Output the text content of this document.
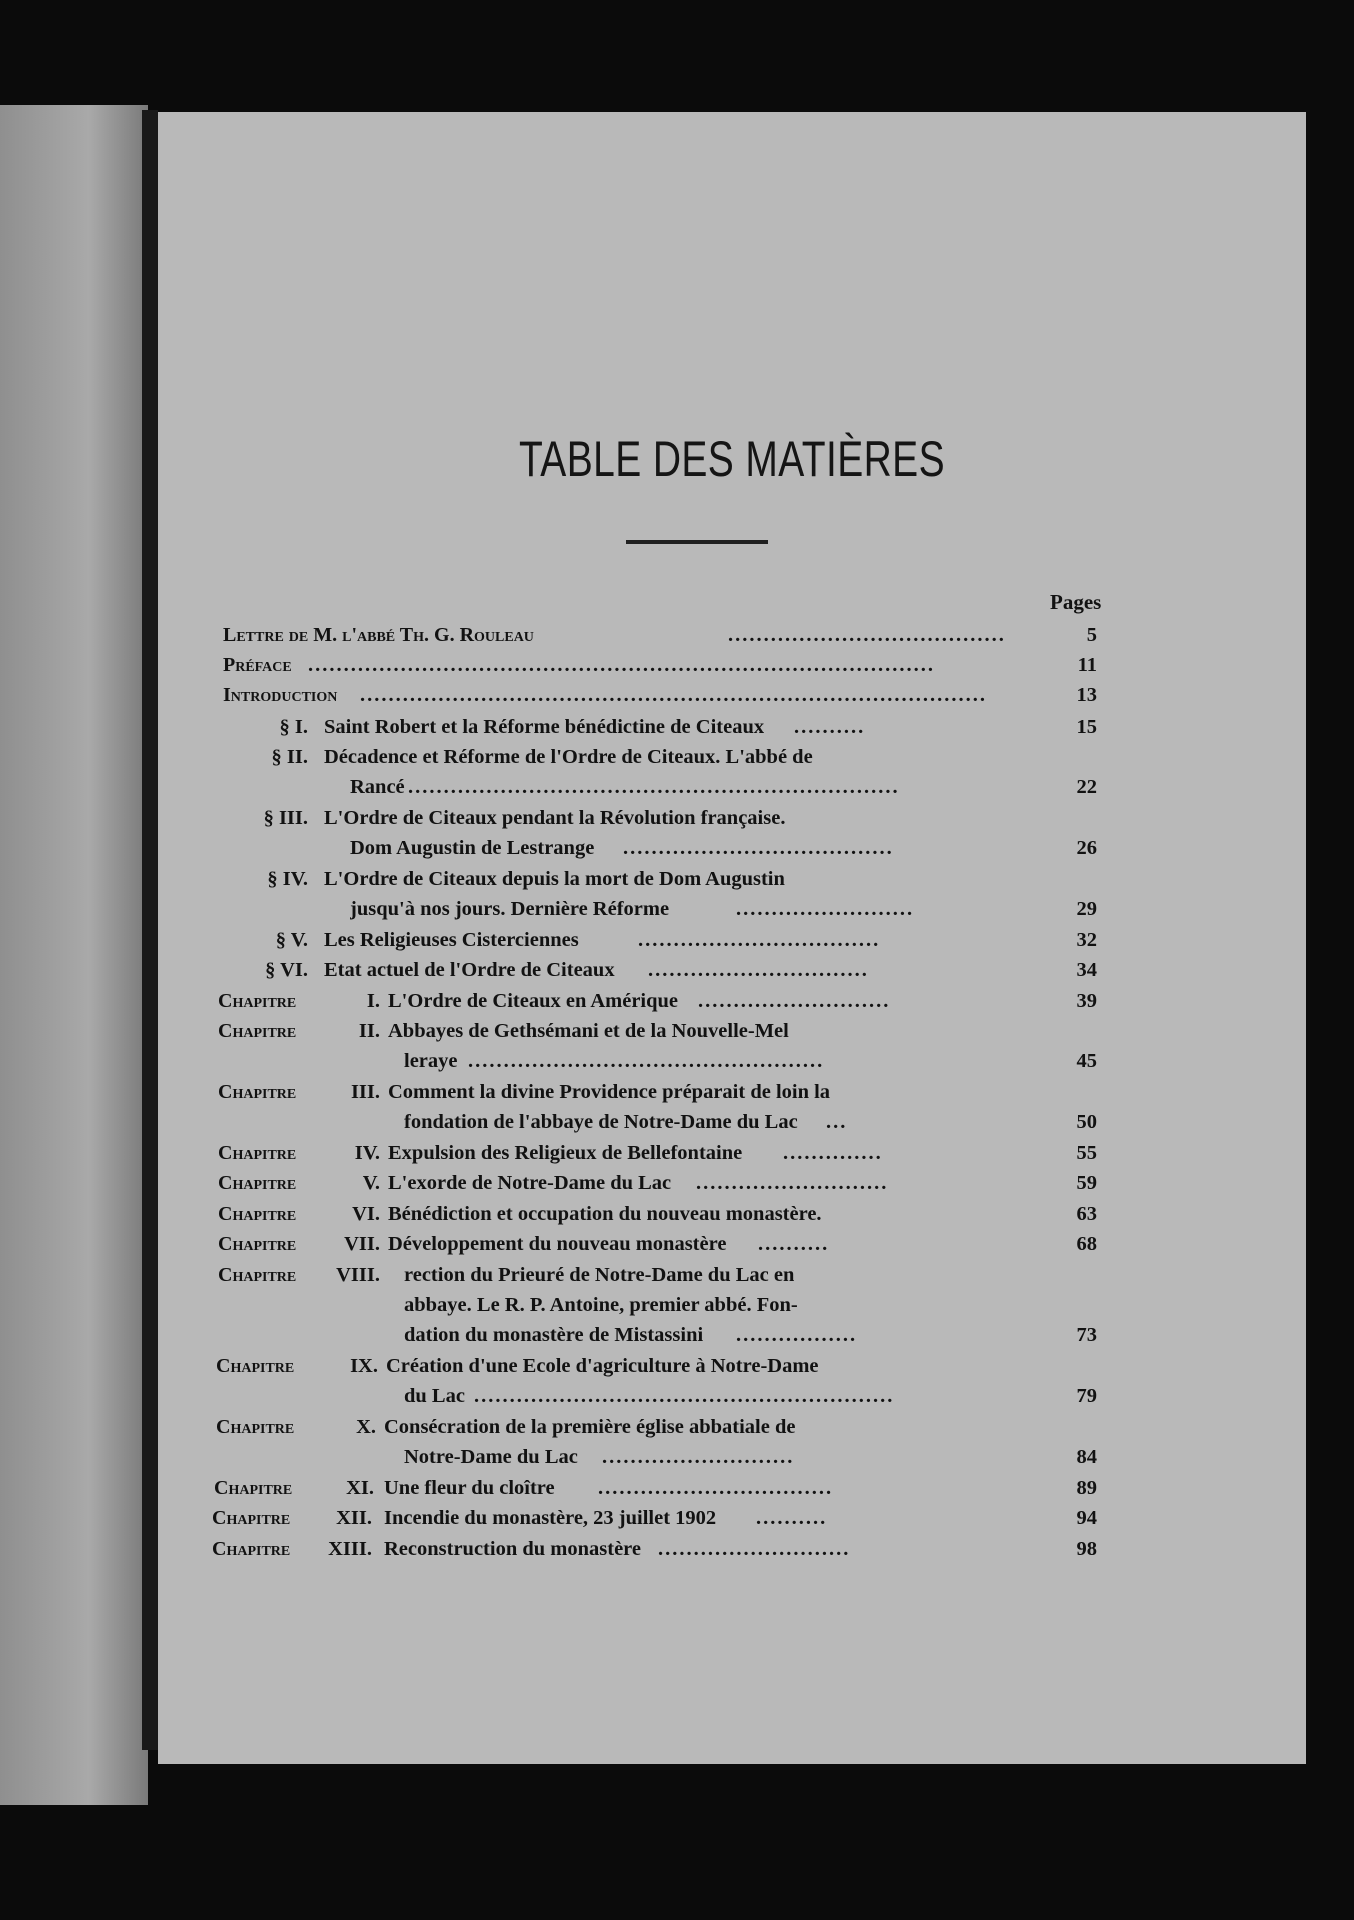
TABLE DES MATIÈRES
Pages
Lettre de M. l'abbé Th. G. Rouleau	.......................................	5
Préface ........................................................................................	11
Introduction ........................................................................................	13
§ I. Saint Robert et la Réforme bénédictine de Citeaux ..........	15
§ II. Décadence et Réforme de l'Ordre de Citeaux. L'abbé de
Rancé .....................................................................	22
§ III. L'Ordre de Citeaux pendant la Révolution française.
Dom Augustin de Lestrange ......................................	26
§ IV. L'Ordre de Citeaux depuis la mort de Dom Augustin
jusqu'à nos jours. Dernière Réforme	.........................	29
§ V. Les Religieuses Cisterciennes	..................................	32
§ VI. Etat actuel de l'Ordre de Citeaux ...............................	34
Chapitre	I. L'Ordre de Citeaux en Amérique ...........................	39
Chapitre	II. Abbayes de Gethsémani et de la Nouvelle-Mel
leraye ..................................................	45
Chapitre	III. Comment la divine Providence préparait de loin la
fondation de l'abbaye de Notre-Dame du Lac ...	50
Chapitre	IV. Expulsion des Religieux de Bellefontaine ..............	55
Chapitre	V. L'exorde de Notre-Dame du Lac ...........................	59
Chapitre	VI. Bénédiction et occupation du nouveau monastère.	63
Chapitre	VII. Développement du nouveau monastère ..........	68
Chapitre	VIII. rection du Prieuré de Notre-Dame du Lac en
abbaye. Le R. P. Antoine, premier abbé. Fon-
dation du monastère de Mistassini .................	73
Chapitre	IX. Création d'une Ecole d'agriculture à Notre-Dame
du Lac ...........................................................	79
Chapitre	X. Consécration de la première église abbatiale de
Notre-Dame du Lac ...........................	84
Chapitre	XI. Une fleur du cloître .................................	89
Chapitre	XII. Incendie du monastère, 23 juillet 1902 ..........	94
Chapitre	XIII. Reconstruction du monastère ...........................	98
